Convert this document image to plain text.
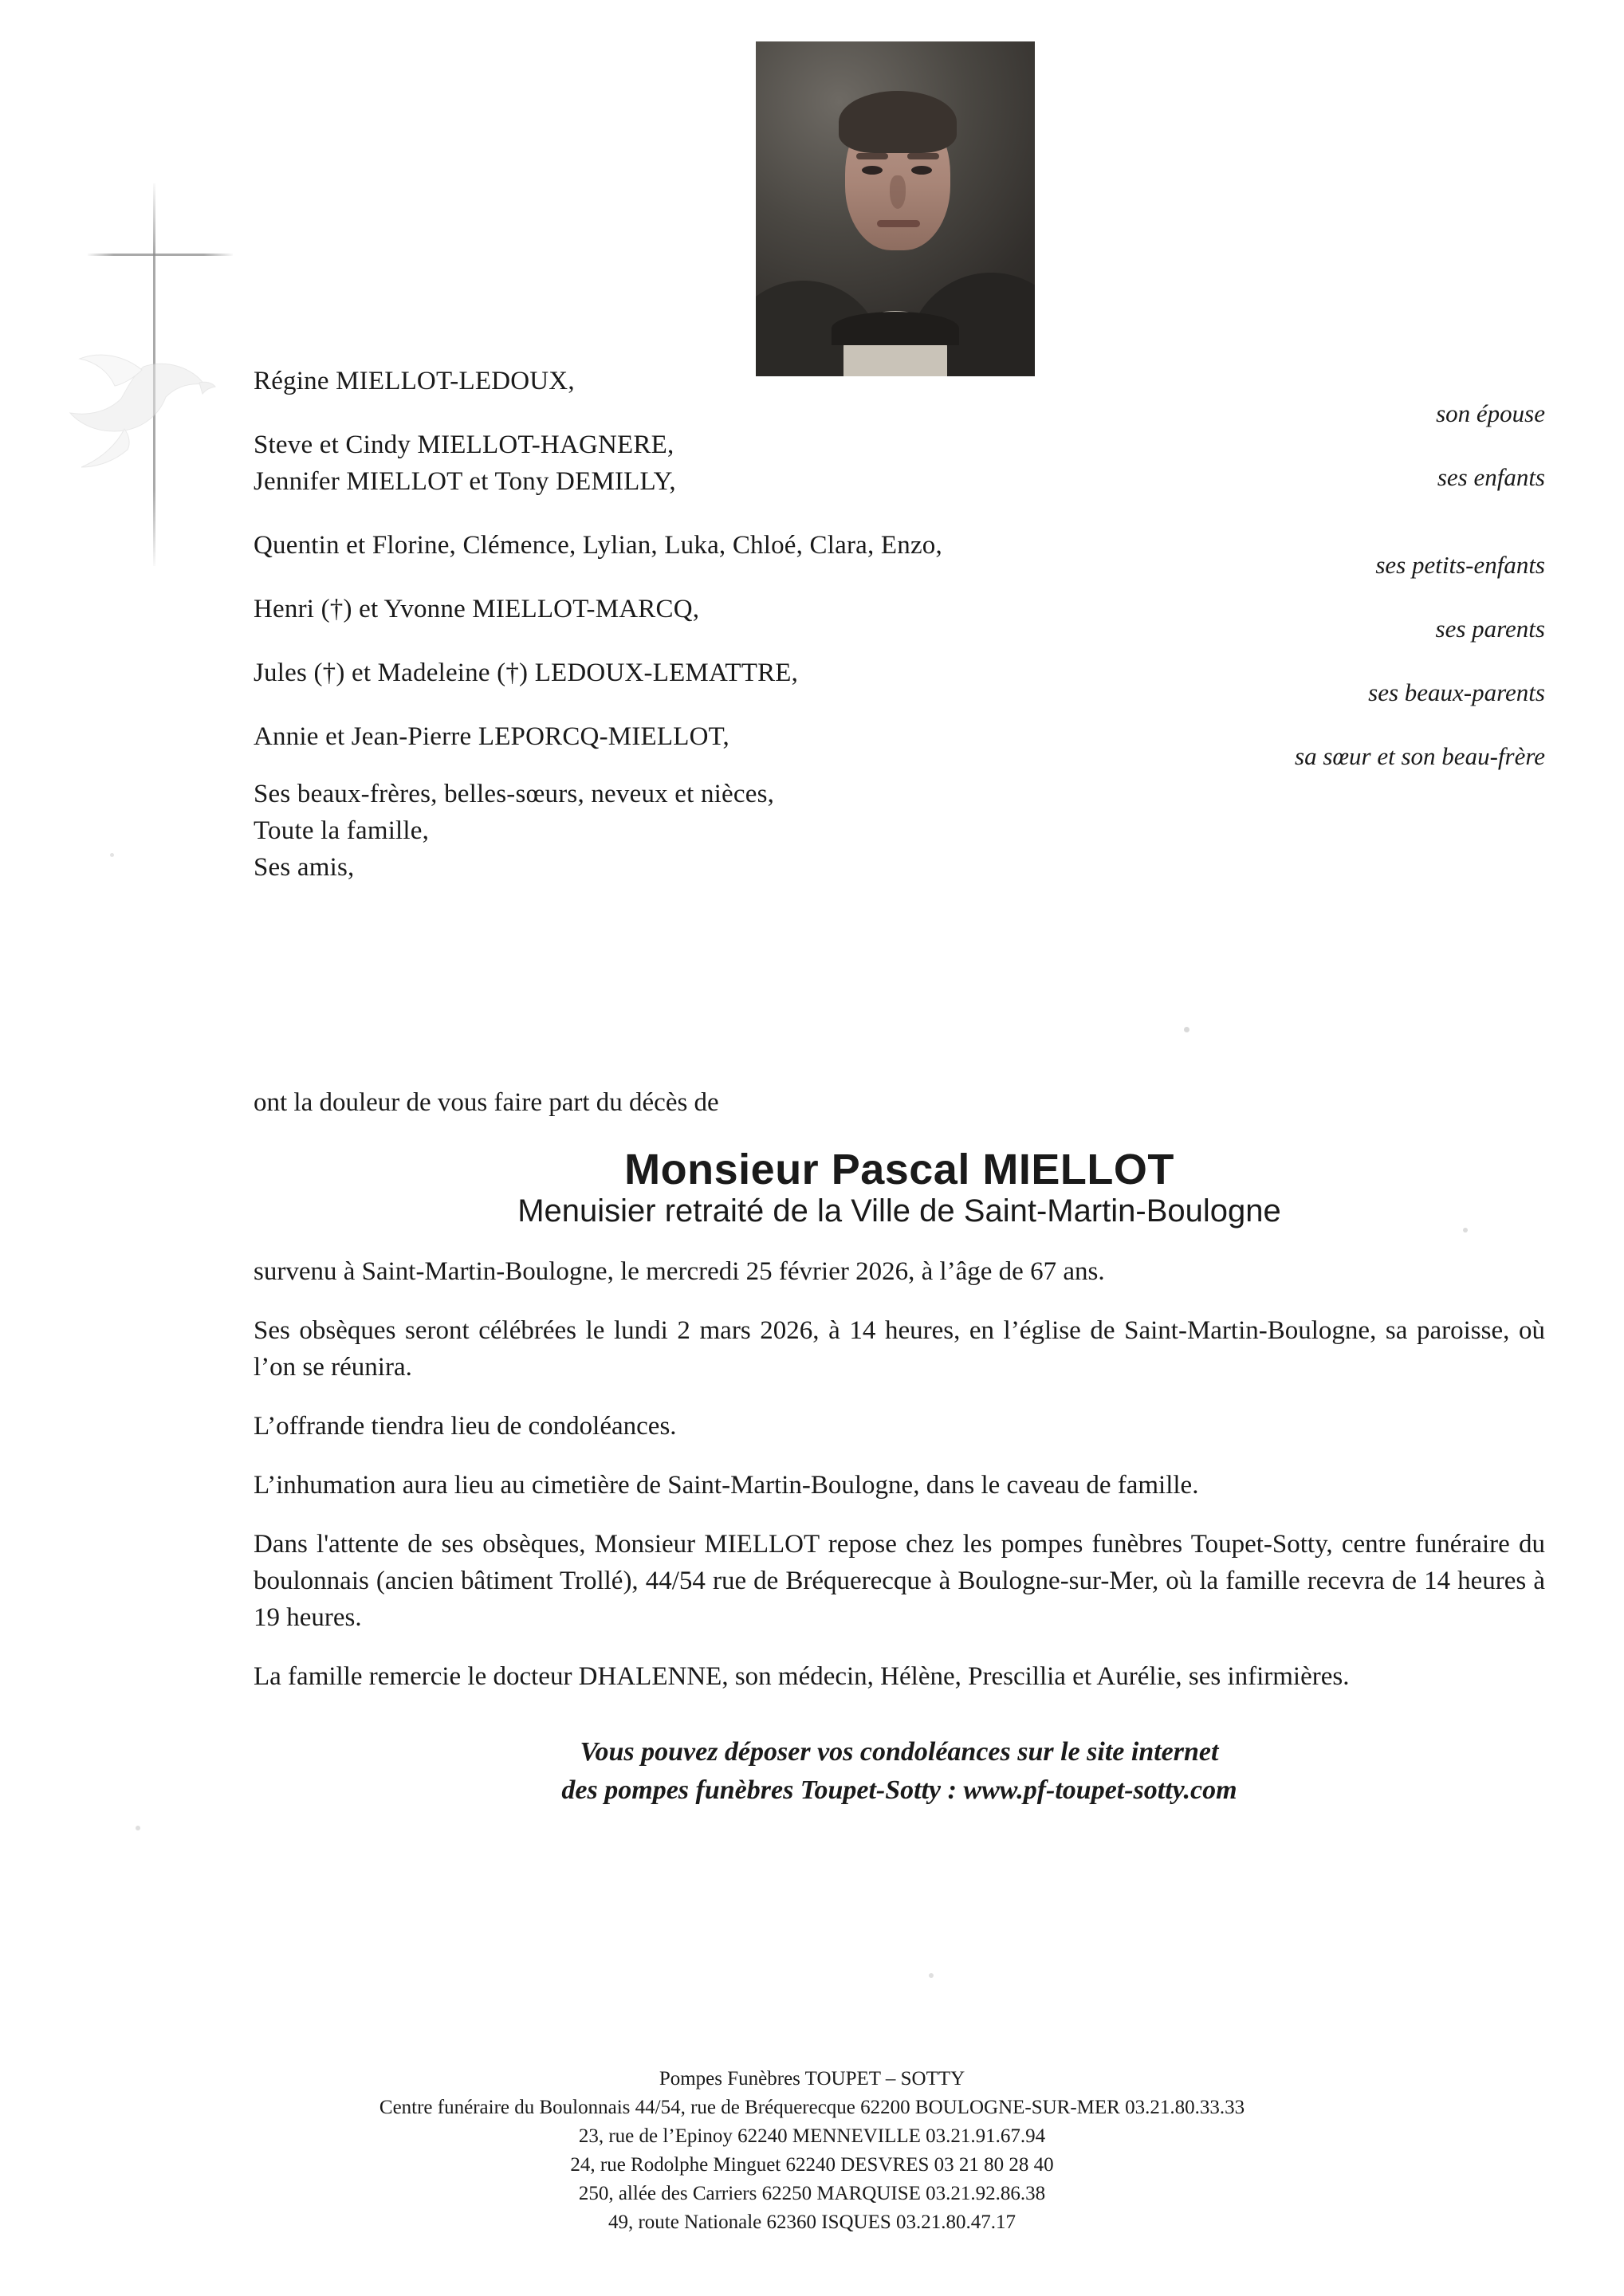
Régine MIELLOT-LEDOUX,
son épouse
Steve et Cindy MIELLOT-HAGNERE,
Jennifer MIELLOT et Tony DEMILLY,	ses enfants
Quentin et Florine, Clémence, Lylian, Luka, Chloé, Clara, Enzo,
ses petits-enfants
Henri (†) et Yvonne MIELLOT-MARCQ,
ses parents
Jules (†) et Madeleine (†) LEDOUX-LEMATTRE,
ses beaux-parents
Annie et Jean-Pierre LEPORCQ-MIELLOT,
sa sœur et son beau-frère
Ses beaux-frères, belles-sœurs, neveux et nièces,
Toute la famille,
Ses amis,
ont la douleur de vous faire part du décès de
Monsieur Pascal MIELLOT
Menuisier retraité de la Ville de Saint-Martin-Boulogne
survenu à Saint-Martin-Boulogne, le mercredi 25 février 2026, à l’âge de 67 ans.
Ses obsèques seront célébrées le lundi 2 mars 2026, à 14 heures, en l’église de Saint-Martin-Boulogne, sa paroisse, où l’on se réunira.
L’offrande tiendra lieu de condoléances.
L’inhumation aura lieu au cimetière de Saint-Martin-Boulogne, dans le caveau de famille.
Dans l'attente de ses obsèques, Monsieur MIELLOT repose chez les pompes funèbres Toupet-Sotty, centre funéraire du boulonnais (ancien bâtiment Trollé), 44/54 rue de Bréquerecque à Boulogne-sur-Mer, où la famille recevra de 14 heures à 19 heures.
La famille remercie le docteur DHALENNE, son médecin, Hélène, Prescillia et Aurélie, ses infirmières.
Vous pouvez déposer vos condoléances sur le site internet
des pompes funèbres Toupet-Sotty : www.pf-toupet-sotty.com
Pompes Funèbres TOUPET – SOTTY
Centre funéraire du Boulonnais 44/54, rue de Bréquerecque 62200 BOULOGNE-SUR-MER 03.21.80.33.33
23, rue de l’Epinoy 62240 MENNEVILLE 03.21.91.67.94
24, rue Rodolphe Minguet 62240 DESVRES 03 21 80 28 40
250, allée des Carriers 62250 MARQUISE 03.21.92.86.38
49, route Nationale 62360 ISQUES 03.21.80.47.17
